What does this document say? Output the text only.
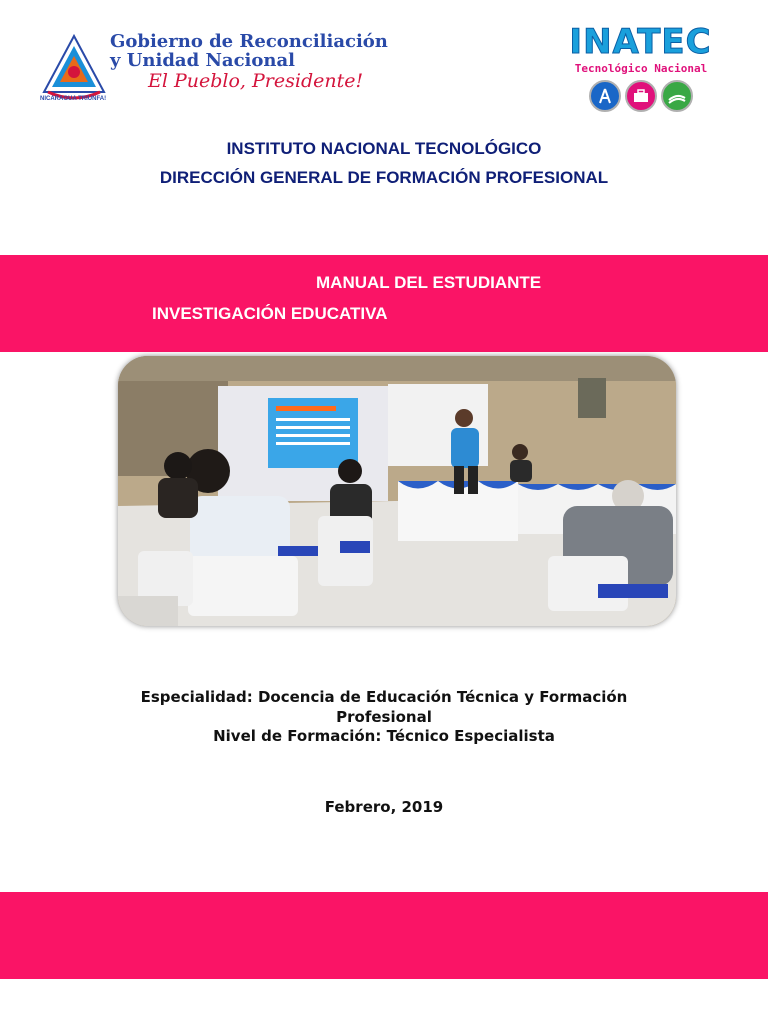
NICARAGUA TRIUNFA!
Gobierno de Reconciliación
y Unidad Nacional
El Pueblo, Presidente!
INATEC
Tecnológico Nacional
INSTITUTO NACIONAL TECNOLÓGICO
DIRECCIÓN GENERAL DE FORMACIÓN PROFESIONAL
MANUAL DEL ESTUDIANTE
INVESTIGACIÓN EDUCATIVA
Especialidad: Docencia de Educación Técnica y Formación
Profesional
Nivel de Formación: Técnico Especialista
Febrero, 2019
